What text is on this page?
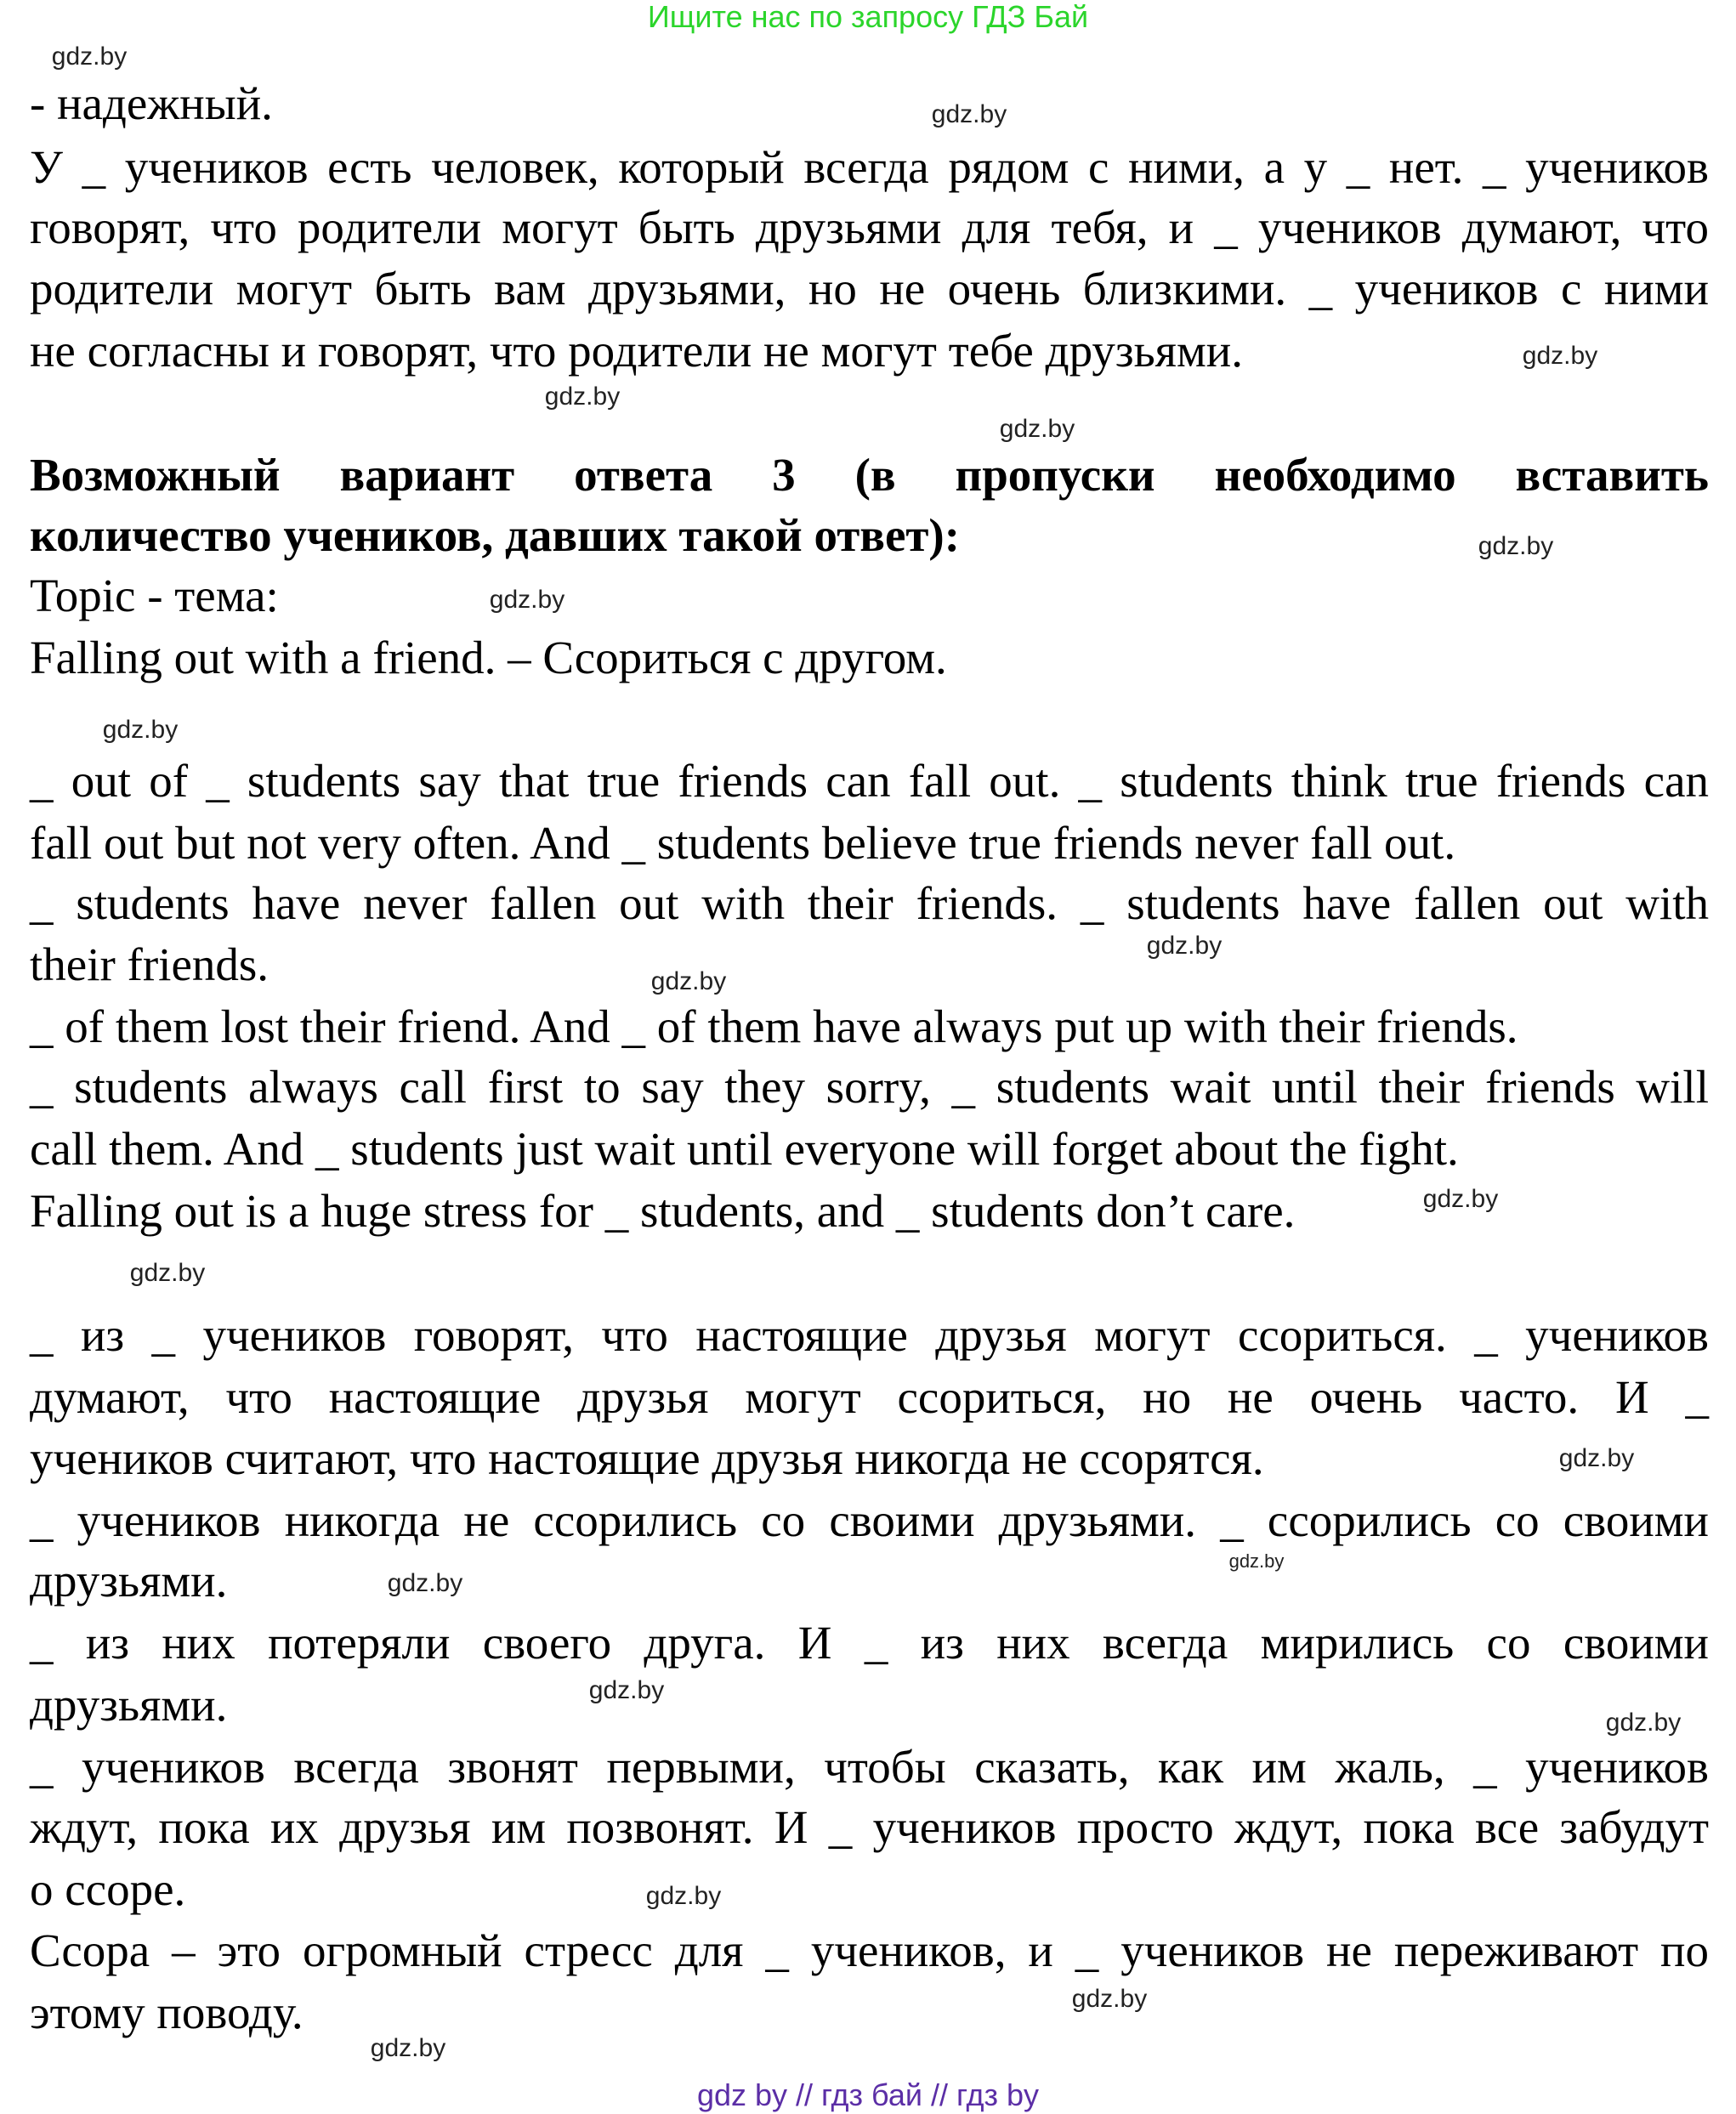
Ищите нас по запросу ГДЗ Бай
- надежный.
У _ учеников есть человек, который всегда рядом с ними, а у _ нет. _ учеников
говорят, что родители могут быть друзьями для тебя, и _ учеников думают, что
родители могут быть вам друзьями, но не очень близкими. _ учеников с ними
не согласны и говорят, что родители не могут тебе друзьями.
Возможный вариант ответа 3 (в пропуски необходимо вставить
количество учеников, давших такой ответ):
Topic - тема:
Falling out with a friend. – Ссориться с другом.
_ out of _ students say that true friends can fall out. _ students think true friends can
fall out but not very often. And _ students believe true friends never fall out.
_ students have never fallen out with their friends. _ students have fallen out with
their friends.
_ of them lost their friend. And _ of them have always put up with their friends.
_ students always call first to say they sorry, _ students wait until their friends will
call them. And _ students just wait until everyone will forget about the fight.
Falling out is a huge stress for _ students, and _ students don’t care.
_ из _ учеников говорят, что настоящие друзья могут ссориться. _ учеников
думают, что настоящие друзья могут ссориться, но не очень часто. И _
учеников считают, что настоящие друзья никогда не ссорятся.
_ учеников никогда не ссорились со своими друзьями. _ ссорились со своими
друзьями.
_ из них потеряли своего друга. И _ из них всегда мирились со своими
друзьями.
_ учеников всегда звонят первыми, чтобы сказать, как им жаль, _ учеников
ждут, пока их друзья им позвонят. И _ учеников просто ждут, пока все забудут
о ссоре.
Ссора – это огромный стресс для _ учеников, и _ учеников не переживают по
этому поводу.
gdz.by
gdz.by
gdz.by
gdz.by
gdz.by
gdz.by
gdz.by
gdz.by
gdz.by
gdz.by
gdz.by
gdz.by
gdz.by
gdz.by
gdz.by
gdz.by
gdz.by
gdz.by
gdz.by
gdz.by
gdz by // гдз бай // гдз by
